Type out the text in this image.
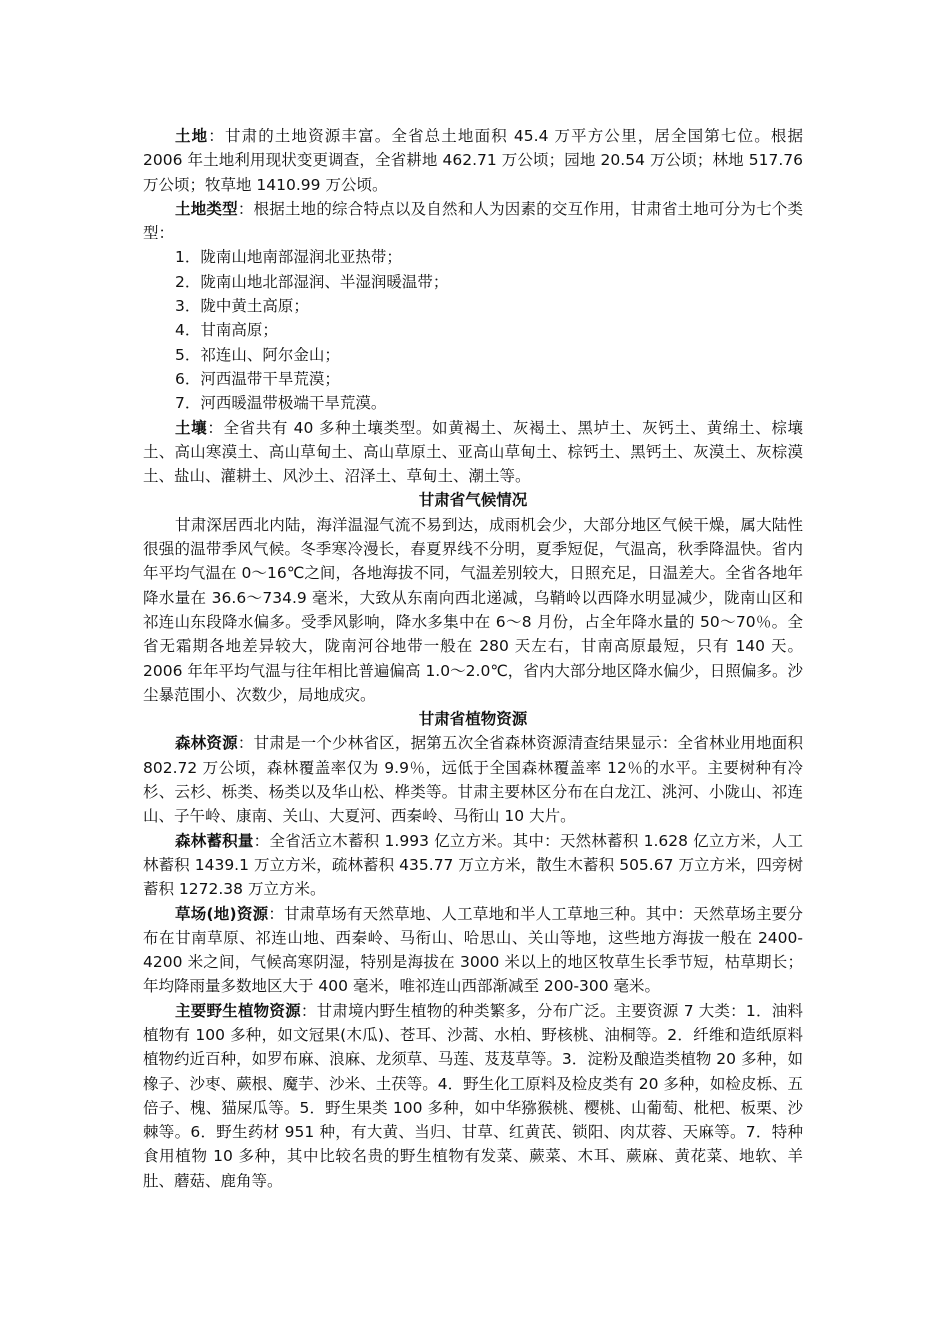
土地：甘肃的土地资源丰富。全省总土地面积 45.4 万平方公里，居全国第七位。根据 2006 年土地利用现状变更调查，全省耕地 462.71 万公顷；园地 20.54 万公顷；林地 517.76 万公顷；牧草地 1410.99 万公顷。

土地类型：根据土地的综合特点以及自然和人为因素的交互作用，甘肃省土地可分为七个类型：

1．陇南山地南部湿润北亚热带；

2．陇南山地北部湿润、半湿润暖温带；

3．陇中黄土高原；

4．甘南高原；

5．祁连山、阿尔金山；

6．河西温带干旱荒漠；

7．河西暖温带极端干旱荒漠。

土壤：全省共有 40 多种土壤类型。如黄褐土、灰褐土、黑垆土、灰钙土、黄绵土、棕壤土、高山寒漠土、高山草甸土、高山草原土、亚高山草甸土、棕钙土、黑钙土、灰漠土、灰棕漠土、盐山、灌耕土、风沙土、沼泽土、草甸土、潮土等。

甘肃省气候情况

甘肃深居西北内陆，海洋温湿气流不易到达，成雨机会少，大部分地区气候干燥，属大陆性很强的温带季风气候。冬季寒冷漫长，春夏界线不分明，夏季短促，气温高，秋季降温快。省内年平均气温在 0～16℃之间，各地海拔不同，气温差别较大，日照充足，日温差大。全省各地年降水量在 36.6～734.9 毫米，大致从东南向西北递减，乌鞘岭以西降水明显减少，陇南山区和祁连山东段降水偏多。受季风影响，降水多集中在 6～8 月份，占全年降水量的 50～70％。全省无霜期各地差异较大，陇南河谷地带一般在 280 天左右，甘南高原最短，只有 140 天。2006 年年平均气温与往年相比普遍偏高 1.0～2.0℃，省内大部分地区降水偏少，日照偏多。沙尘暴范围小、次数少，局地成灾。

甘肃省植物资源

森林资源：甘肃是一个少林省区，据第五次全省森林资源清查结果显示：全省林业用地面积 802.72 万公顷，森林覆盖率仅为 9.9％，远低于全国森林覆盖率 12％的水平。主要树种有冷杉、云杉、栎类、杨类以及华山松、桦类等。甘肃主要林区分布在白龙江、洮河、小陇山、祁连山、子午岭、康南、关山、大夏河、西秦岭、马衔山 10 大片。

森林蓄积量：全省活立木蓄积 1.993 亿立方米。其中：天然林蓄积 1.628 亿立方米，人工林蓄积 1439.1 万立方米，疏林蓄积 435.77 万立方米，散生木蓄积 505.67 万立方米，四旁树蓄积 1272.38 万立方米。

草场(地)资源：甘肃草场有天然草地、人工草地和半人工草地三种。其中：天然草场主要分布在甘南草原、祁连山地、西秦岭、马衔山、哈思山、关山等地，这些地方海拔一般在 2400-4200 米之间，气候高寒阴湿，特别是海拔在 3000 米以上的地区牧草生长季节短，枯草期长；年均降雨量多数地区大于 400 毫米，唯祁连山西部渐减至 200-300 毫米。

主要野生植物资源：甘肃境内野生植物的种类繁多，分布广泛。主要资源 7 大类：1．油料植物有 100 多种，如文冠果(木瓜)、苍耳、沙蒿、水柏、野核桃、油桐等。2．纤维和造纸原料植物约近百种，如罗布麻、浪麻、龙须草、马莲、芨芨草等。3．淀粉及酿造类植物 20 多种，如橡子、沙枣、蕨根、魔芋、沙米、土茯等。4．野生化工原料及检皮类有 20 多种，如检皮栎、五倍子、槐、猫屎瓜等。5．野生果类 100 多种，如中华猕猴桃、樱桃、山葡萄、枇杷、板栗、沙棘等。6．野生药材 951 种，有大黄、当归、甘草、红黄芪、锁阳、肉苁蓉、天麻等。7．特种食用植物 10 多种，其中比较名贵的野生植物有发菜、蕨菜、木耳、蕨麻、黄花菜、地软、羊肚、蘑菇、鹿角等。
